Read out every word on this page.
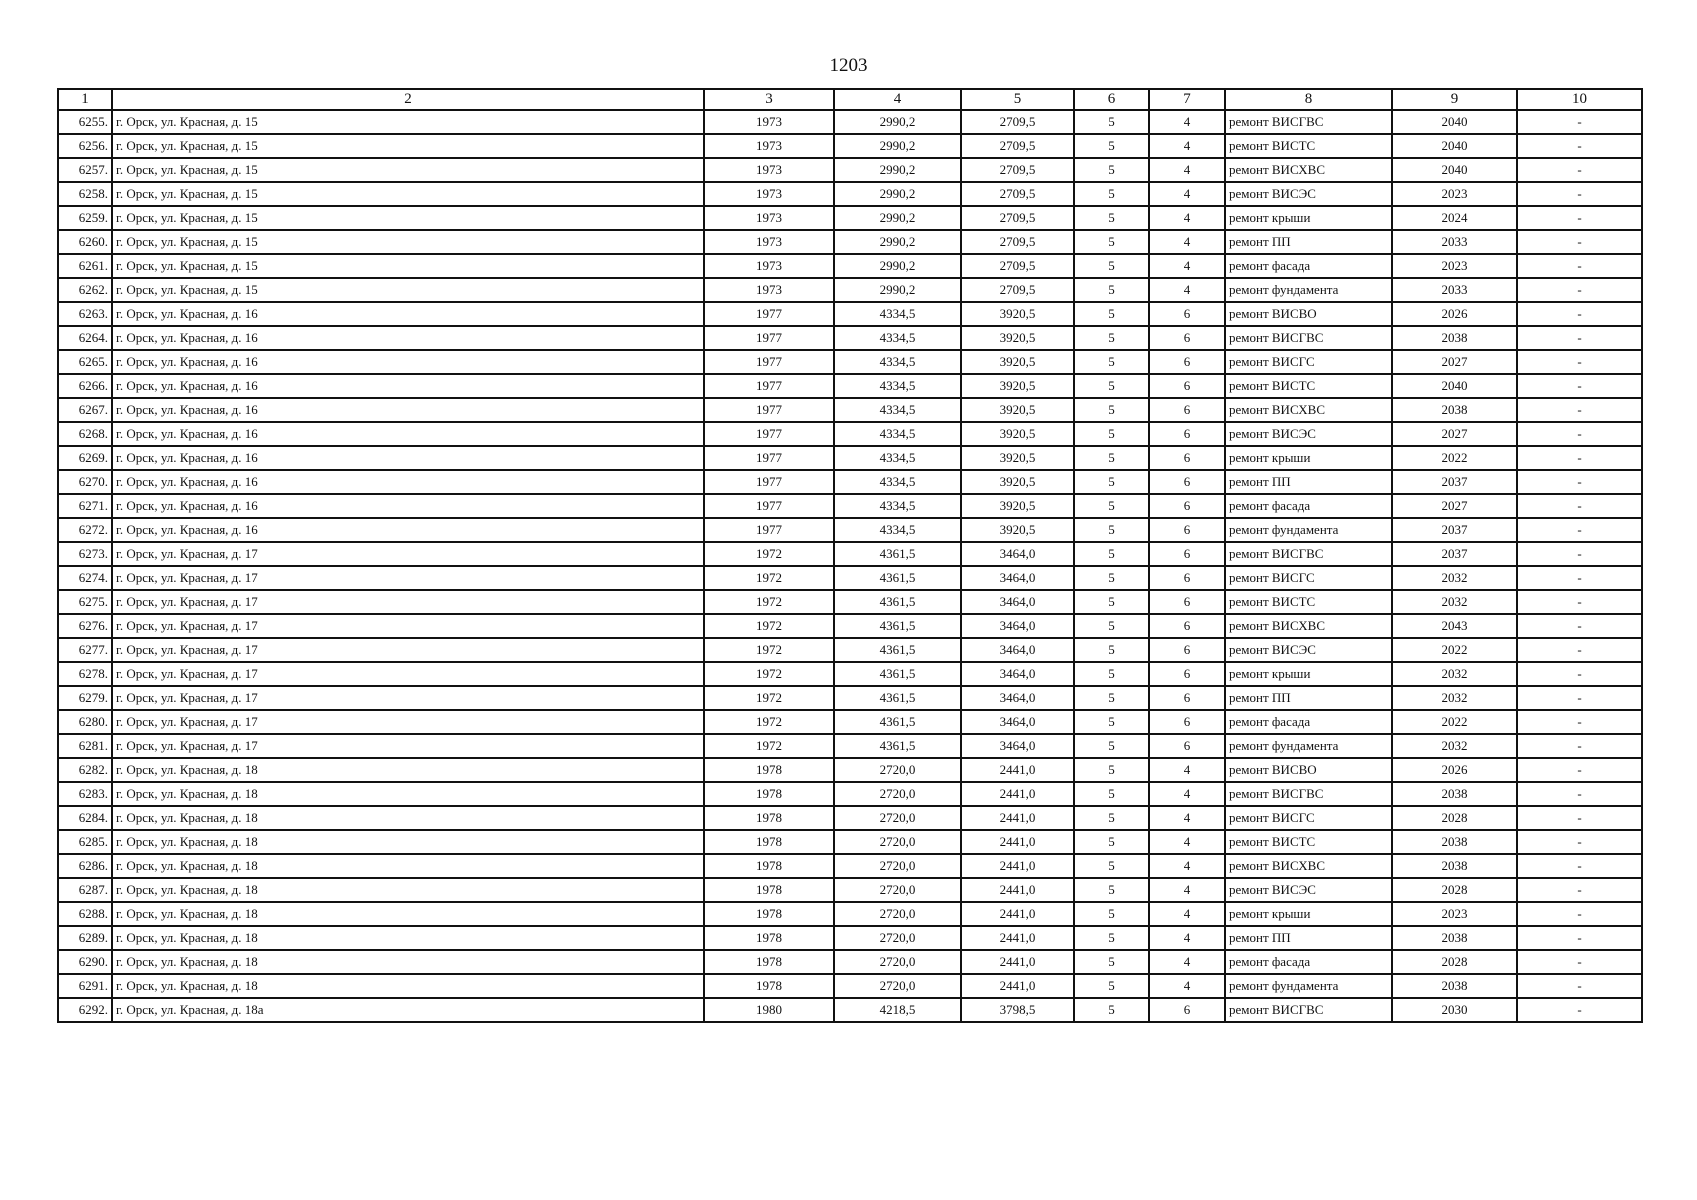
1203
1	2	3	4	5	6	7	8	9	10
6255.	г. Орск, ул. Красная, д. 15	1973	2990,2	2709,5	5	4	ремонт ВИСГВС	2040	-
6256.	г. Орск, ул. Красная, д. 15	1973	2990,2	2709,5	5	4	ремонт ВИСТС	2040	-
6257.	г. Орск, ул. Красная, д. 15	1973	2990,2	2709,5	5	4	ремонт ВИСХВС	2040	-
6258.	г. Орск, ул. Красная, д. 15	1973	2990,2	2709,5	5	4	ремонт ВИСЭС	2023	-
6259.	г. Орск, ул. Красная, д. 15	1973	2990,2	2709,5	5	4	ремонт крыши	2024	-
6260.	г. Орск, ул. Красная, д. 15	1973	2990,2	2709,5	5	4	ремонт ПП	2033	-
6261.	г. Орск, ул. Красная, д. 15	1973	2990,2	2709,5	5	4	ремонт фасада	2023	-
6262.	г. Орск, ул. Красная, д. 15	1973	2990,2	2709,5	5	4	ремонт фундамента	2033	-
6263.	г. Орск, ул. Красная, д. 16	1977	4334,5	3920,5	5	6	ремонт ВИСВО	2026	-
6264.	г. Орск, ул. Красная, д. 16	1977	4334,5	3920,5	5	6	ремонт ВИСГВС	2038	-
6265.	г. Орск, ул. Красная, д. 16	1977	4334,5	3920,5	5	6	ремонт ВИСГС	2027	-
6266.	г. Орск, ул. Красная, д. 16	1977	4334,5	3920,5	5	6	ремонт ВИСТС	2040	-
6267.	г. Орск, ул. Красная, д. 16	1977	4334,5	3920,5	5	6	ремонт ВИСХВС	2038	-
6268.	г. Орск, ул. Красная, д. 16	1977	4334,5	3920,5	5	6	ремонт ВИСЭС	2027	-
6269.	г. Орск, ул. Красная, д. 16	1977	4334,5	3920,5	5	6	ремонт крыши	2022	-
6270.	г. Орск, ул. Красная, д. 16	1977	4334,5	3920,5	5	6	ремонт ПП	2037	-
6271.	г. Орск, ул. Красная, д. 16	1977	4334,5	3920,5	5	6	ремонт фасада	2027	-
6272.	г. Орск, ул. Красная, д. 16	1977	4334,5	3920,5	5	6	ремонт фундамента	2037	-
6273.	г. Орск, ул. Красная, д. 17	1972	4361,5	3464,0	5	6	ремонт ВИСГВС	2037	-
6274.	г. Орск, ул. Красная, д. 17	1972	4361,5	3464,0	5	6	ремонт ВИСГС	2032	-
6275.	г. Орск, ул. Красная, д. 17	1972	4361,5	3464,0	5	6	ремонт ВИСТС	2032	-
6276.	г. Орск, ул. Красная, д. 17	1972	4361,5	3464,0	5	6	ремонт ВИСХВС	2043	-
6277.	г. Орск, ул. Красная, д. 17	1972	4361,5	3464,0	5	6	ремонт ВИСЭС	2022	-
6278.	г. Орск, ул. Красная, д. 17	1972	4361,5	3464,0	5	6	ремонт крыши	2032	-
6279.	г. Орск, ул. Красная, д. 17	1972	4361,5	3464,0	5	6	ремонт ПП	2032	-
6280.	г. Орск, ул. Красная, д. 17	1972	4361,5	3464,0	5	6	ремонт фасада	2022	-
6281.	г. Орск, ул. Красная, д. 17	1972	4361,5	3464,0	5	6	ремонт фундамента	2032	-
6282.	г. Орск, ул. Красная, д. 18	1978	2720,0	2441,0	5	4	ремонт ВИСВО	2026	-
6283.	г. Орск, ул. Красная, д. 18	1978	2720,0	2441,0	5	4	ремонт ВИСГВС	2038	-
6284.	г. Орск, ул. Красная, д. 18	1978	2720,0	2441,0	5	4	ремонт ВИСГС	2028	-
6285.	г. Орск, ул. Красная, д. 18	1978	2720,0	2441,0	5	4	ремонт ВИСТС	2038	-
6286.	г. Орск, ул. Красная, д. 18	1978	2720,0	2441,0	5	4	ремонт ВИСХВС	2038	-
6287.	г. Орск, ул. Красная, д. 18	1978	2720,0	2441,0	5	4	ремонт ВИСЭС	2028	-
6288.	г. Орск, ул. Красная, д. 18	1978	2720,0	2441,0	5	4	ремонт крыши	2023	-
6289.	г. Орск, ул. Красная, д. 18	1978	2720,0	2441,0	5	4	ремонт ПП	2038	-
6290.	г. Орск, ул. Красная, д. 18	1978	2720,0	2441,0	5	4	ремонт фасада	2028	-
6291.	г. Орск, ул. Красная, д. 18	1978	2720,0	2441,0	5	4	ремонт фундамента	2038	-
6292.	г. Орск, ул. Красная, д. 18а	1980	4218,5	3798,5	5	6	ремонт ВИСГВС	2030	-
